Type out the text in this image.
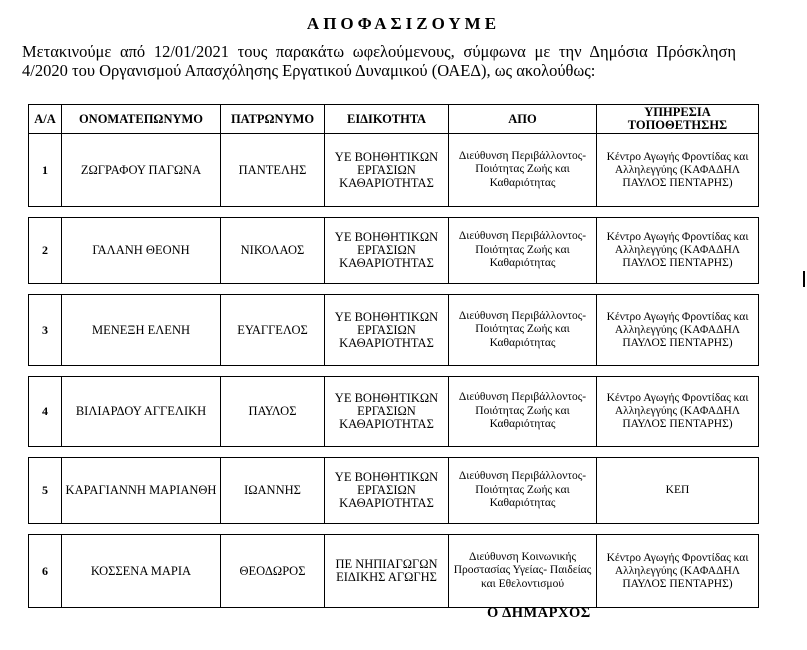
ΑΠΟΦΑΣΙΖΟΥΜΕ
Μετακινούμε από 12/01/2021 τους παρακάτω ωφελούμενους, σύμφωνα με την Δημόσια Πρόσκληση 4/2020 του Οργανισμού Απασχόλησης Εργατικού Δυναμικού (ΟΑΕΔ), ως ακολούθως:
Α/Α	ΟΝΟΜΑΤΕΠΩΝΥΜΟ	ΠΑΤΡΩΝΥΜΟ	ΕΙΔΙΚΟΤΗΤΑ	ΑΠΟ	ΥΠΗΡΕΣΙΑ ΤΟΠΟΘΕΤΗΣΗΣ
1	ΖΩΓΡΑΦΟΥ ΠΑΓΩΝΑ	ΠΑΝΤΕΛΗΣ	ΥΕ ΒΟΗΘΗΤΙΚΩΝ ΕΡΓΑΣΙΩΝ ΚΑΘΑΡΙΟΤΗΤΑΣ	Διεύθυνση Περιβάλλοντος- Ποιότητας Ζωής και Καθαριότητας	Κέντρο Αγωγής Φροντίδας και Αλληλεγγύης (ΚΑΦΑΔΗΛ ΠΑΥΛΟΣ ΠΕΝΤΑΡΗΣ)

2	ΓΑΛΑΝΗ ΘΕΟΝΗ	ΝΙΚΟΛΑΟΣ	ΥΕ ΒΟΗΘΗΤΙΚΩΝ ΕΡΓΑΣΙΩΝ ΚΑΘΑΡΙΟΤΗΤΑΣ	Διεύθυνση Περιβάλλοντος- Ποιότητας Ζωής και Καθαριότητας	Κέντρο Αγωγής Φροντίδας και Αλληλεγγύης (ΚΑΦΑΔΗΛ ΠΑΥΛΟΣ ΠΕΝΤΑΡΗΣ)

3	ΜΕΝΕΞΗ ΕΛΕΝΗ	ΕΥΑΓΓΕΛΟΣ	ΥΕ ΒΟΗΘΗΤΙΚΩΝ ΕΡΓΑΣΙΩΝ ΚΑΘΑΡΙΟΤΗΤΑΣ	Διεύθυνση Περιβάλλοντος- Ποιότητας Ζωής και Καθαριότητας	Κέντρο Αγωγής Φροντίδας και Αλληλεγγύης (ΚΑΦΑΔΗΛ ΠΑΥΛΟΣ ΠΕΝΤΑΡΗΣ)

4	ΒΙΛΙΑΡΔΟΥ ΑΓΓΕΛΙΚΗ	ΠΑΥΛΟΣ	ΥΕ ΒΟΗΘΗΤΙΚΩΝ ΕΡΓΑΣΙΩΝ ΚΑΘΑΡΙΟΤΗΤΑΣ	Διεύθυνση Περιβάλλοντος- Ποιότητας Ζωής και Καθαριότητας	Κέντρο Αγωγής Φροντίδας και Αλληλεγγύης (ΚΑΦΑΔΗΛ ΠΑΥΛΟΣ ΠΕΝΤΑΡΗΣ)

5	ΚΑΡΑΓΙΑΝΝΗ ΜΑΡΙΑΝΘΗ	ΙΩΑΝΝΗΣ	ΥΕ ΒΟΗΘΗΤΙΚΩΝ ΕΡΓΑΣΙΩΝ ΚΑΘΑΡΙΟΤΗΤΑΣ	Διεύθυνση Περιβάλλοντος- Ποιότητας Ζωής και Καθαριότητας	ΚΕΠ

6	ΚΟΣΣΕΝΑ ΜΑΡΙΑ	ΘΕΟΔΩΡΟΣ	ΠΕ ΝΗΠΙΑΓΩΓΩΝ ΕΙΔΙΚΗΣ ΑΓΩΓΗΣ	Διεύθυνση Κοινωνικής Προστασίας Υγείας- Παιδείας και Εθελοντισμού	Κέντρο Αγωγής Φροντίδας και Αλληλεγγύης (ΚΑΦΑΔΗΛ ΠΑΥΛΟΣ ΠΕΝΤΑΡΗΣ)
Ο ΔΗΜΑΡΧΟΣ
